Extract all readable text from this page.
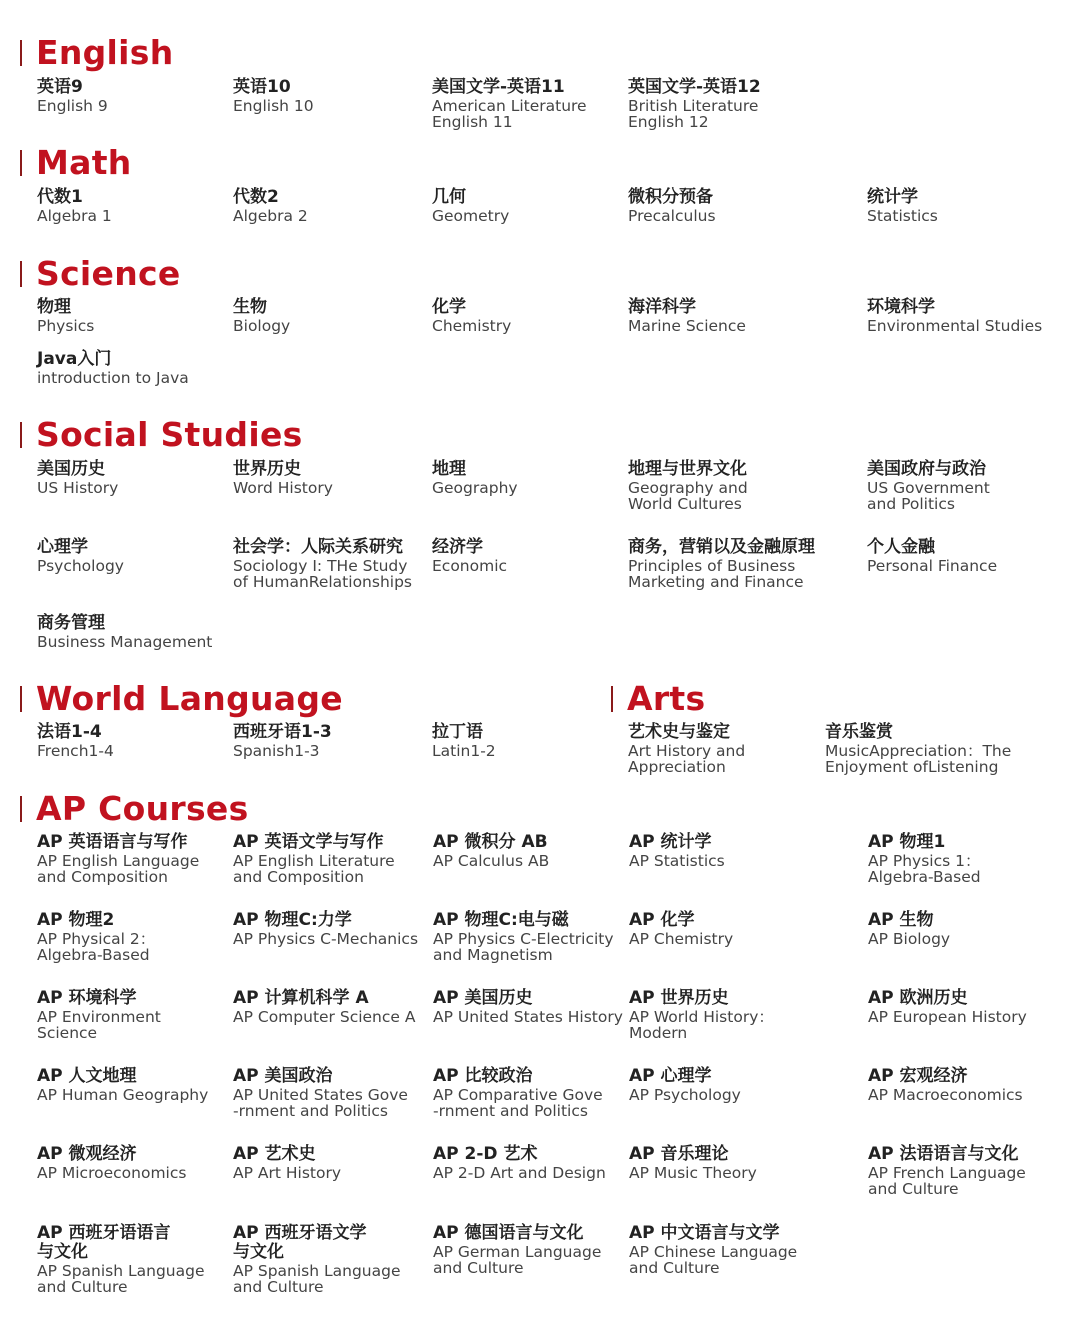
English
Math
Science
Social Studies
World Language	Arts
AP Courses
英语9
English 9
英语10
English 10
美国文学-英语11
American Literature
English 11
英国文学-英语12
British Literature
English 12
代数1
Algebra 1
代数2
Algebra 2
几何
Geometry
微积分预备
Precalculus
统计学
Statistics
物理
Physics
生物
Biology
化学
Chemistry
海洋科学
Marine Science
环境科学
Environmental Studies
Java入门
introduction to Java
美国历史
US History
世界历史
Word History
地理
Geography
地理与世界文化
Geography and
World Cultures
美国政府与政治
US Government
and Politics
心理学
Psychology
社会学：人际关系研究
Sociology I: THe Study
of HumanRelationships
经济学
Economic
商务，营销以及金融原理
Principles of Business
Marketing and Finance
个人金融
Personal Finance
商务管理
Business Management
法语1-4
French1-4
西班牙语1-3
Spanish1-3
拉丁语
Latin1-2
艺术史与鉴定
Art History and
Appreciation
音乐鉴赏
MusicAppreciation：The
Enjoyment ofListening
AP 英语语言与写作
AP English Language
and Composition
AP 英语文学与写作
AP English Literature
and Composition
AP 微积分 AB
AP Calculus AB
AP 统计学
AP Statistics
AP 物理1
AP Physics 1：
Algebra-Based
AP 物理2
AP Physical 2：
Algebra-Based
AP 物理C:力学
AP Physics C-Mechanics
AP 物理C:电与磁
AP Physics C-Electricity
and Magnetism
AP 化学
AP Chemistry
AP 生物
AP Biology
AP 环境科学
AP Environment
Science
AP 计算机科学 A
AP Computer Science A
AP 美国历史
AP United States History
AP 世界历史
AP World History：
Modern
AP 欧洲历史
AP European History
AP 人文地理
AP Human Geography
AP 美国政治
AP United States Gove
-rnment and Politics
AP 比较政治
AP Comparative Gove
-rnment and Politics
AP 心理学
AP Psychology
AP 宏观经济
AP Macroeconomics
AP 微观经济
AP Microeconomics
AP 艺术史
AP Art History
AP 2-D 艺术
AP 2-D Art and Design
AP 音乐理论
AP Music Theory
AP 法语语言与文化
AP French Language
and Culture
AP 西班牙语语言
与文化
AP Spanish Language
and Culture
AP 西班牙语文学
与文化
AP Spanish Language
and Culture
AP 德国语言与文化
AP German Language
and Culture
AP 中文语言与文学
AP Chinese Language
and Culture
